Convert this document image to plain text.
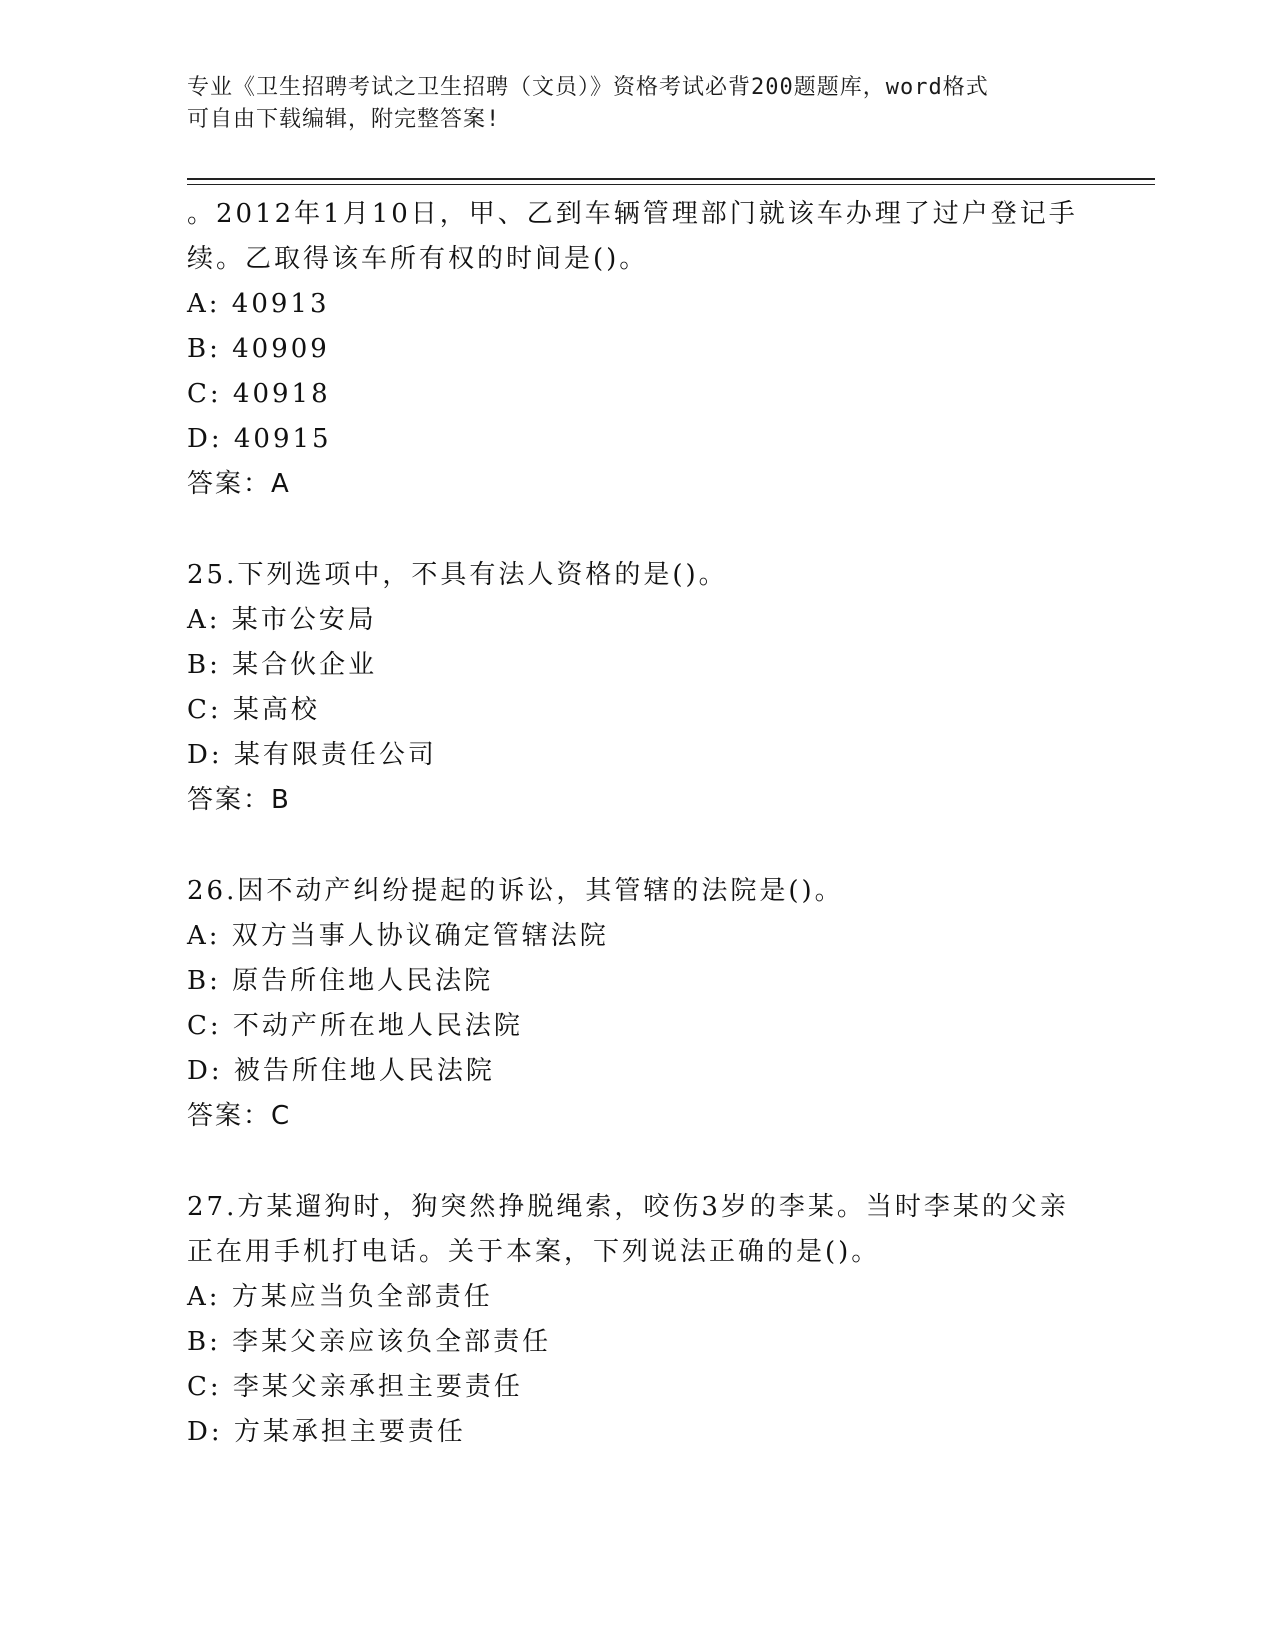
专业《卫生招聘考试之卫生招聘（文员）》资格考试必背200题题库，word格式
可自由下载编辑，附完整答案!
。2012年1月10日，甲、乙到车辆管理部门就该车办理了过户登记手
续。乙取得该车所有权的时间是()。
A: 40913
B: 40909
C: 40918
D: 40915
答案：A
25.下列选项中，不具有法人资格的是()。
A: 某市公安局
B: 某合伙企业
C: 某高校
D: 某有限责任公司
答案：B
26.因不动产纠纷提起的诉讼，其管辖的法院是()。
A: 双方当事人协议确定管辖法院
B: 原告所住地人民法院
C: 不动产所在地人民法院
D: 被告所住地人民法院
答案：C
27.方某遛狗时，狗突然挣脱绳索，咬伤3岁的李某。当时李某的父亲
正在用手机打电话。关于本案，下列说法正确的是()。
A: 方某应当负全部责任
B: 李某父亲应该负全部责任
C: 李某父亲承担主要责任
D: 方某承担主要责任
